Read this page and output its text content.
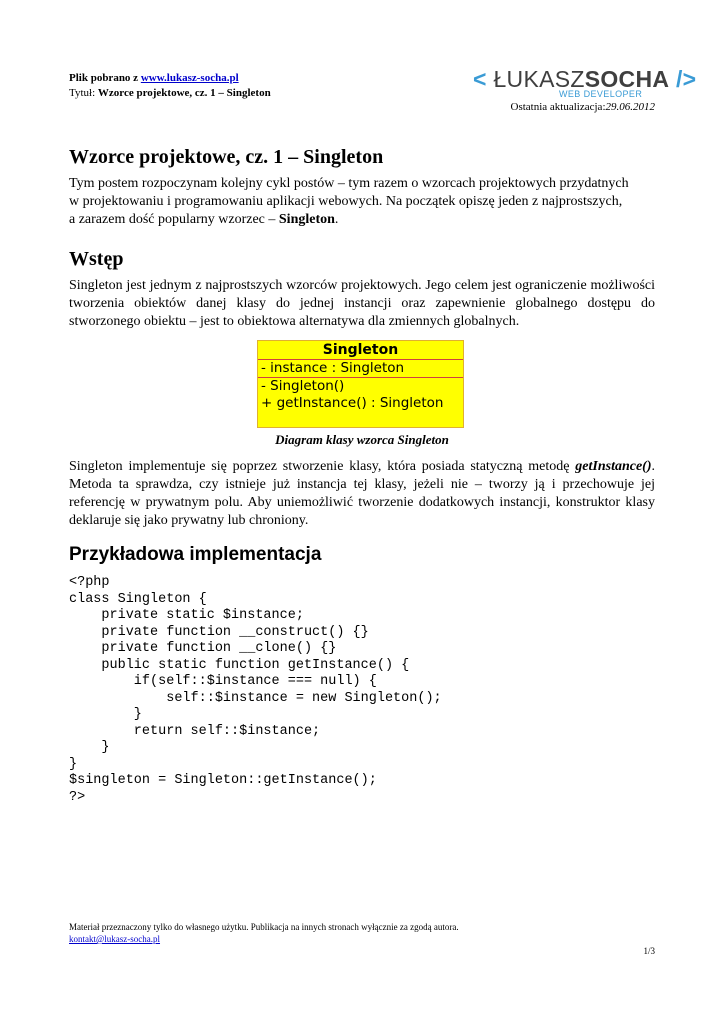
Plik pobrano z www.lukasz-socha.pl
Tytuł: Wzorce projektowe, cz. 1 – Singleton
< ŁUKASZSOCHA />
WEB DEVELOPER
Ostatnia aktualizacja:29.06.2012
Wzorce projektowe, cz. 1 – Singleton
Tym postem rozpoczynam kolejny cykl postów – tym razem o wzorcach projektowych przydatnych
w projektowaniu i programowaniu aplikacji webowych. Na początek opiszę jeden z najprostszych,
a zarazem dość popularny wzorzec – Singleton.
Wstęp
Singleton jest jednym z najprostszych wzorców projektowych. Jego celem jest ograniczenie możliwości tworzenia obiektów danej klasy do jednej instancji oraz zapewnienie globalnego dostępu do stworzonego obiektu – jest to obiektowa alternatywa dla zmiennych globalnych.
Singleton
- instance : Singleton
- Singleton()
+ getInstance() : Singleton
Diagram klasy wzorca Singleton
Singleton implementuje się poprzez stworzenie klasy, która posiada statyczną metodę getInstance(). Metoda ta sprawdza, czy istnieje już instancja tej klasy, jeżeli nie – tworzy ją i przechowuje jej referencję w prywatnym polu. Aby uniemożliwić tworzenie dodatkowych instancji, konstruktor klasy deklaruje się jako prywatny lub chroniony.
Przykładowa implementacja
<?php
class Singleton {
private static $instance;
private function __construct() {}
private function __clone() {}
public static function getInstance() {
if(self::$instance === null) {
self::$instance = new Singleton();
}
return self::$instance;
}
}
$singleton = Singleton::getInstance();
?>
Materiał przeznaczony tylko do własnego użytku. Publikacja na innych stronach wyłącznie za zgodą autora.
kontakt@lukasz-socha.pl
1/3
